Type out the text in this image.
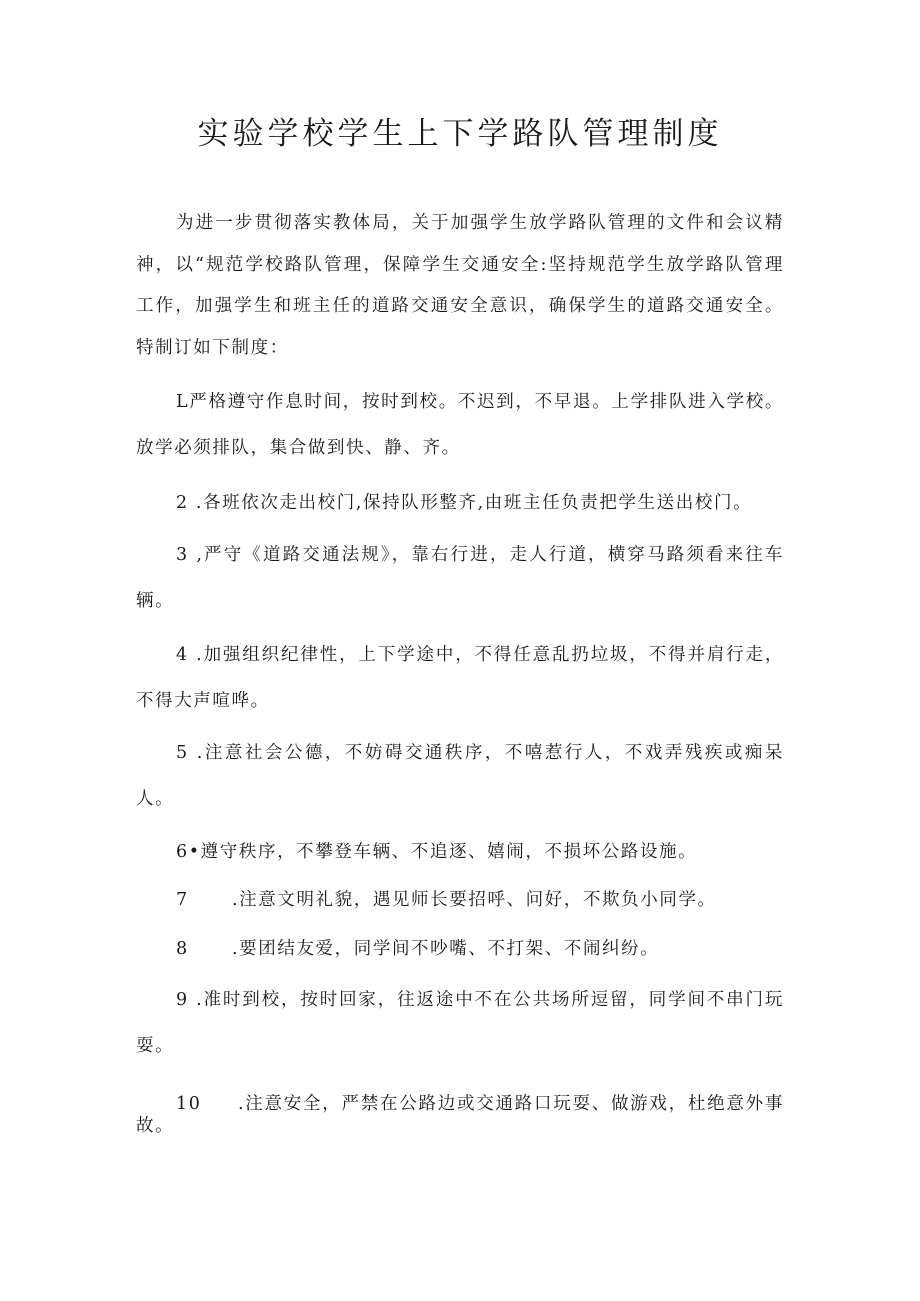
实验学校学生上下学路队管理制度

为进一步贯彻落实教体局，关于加强学生放学路队管理的文件和会议精神，以“规范学校路队管理，保障学生交通安全:坚持规范学生放学路队管理工作，加强学生和班主任的道路交通安全意识，确保学生的道路交通安全。特制订如下制度：

L严格遵守作息时间，按时到校。不迟到，不早退。上学排队进入学校。放学必须排队，集合做到快、静、齐。

2 .各班依次走出校门,保持队形整齐,由班主任负责把学生送出校门。

3 ,严守《道路交通法规》，靠右行进，走人行道，横穿马路须看来往车辆。

4 .加强组织纪律性，上下学途中，不得任意乱扔垃圾，不得并肩行走，不得大声喧哗。

5 .注意社会公德，不妨碍交通秩序，不嘻惹行人，不戏弄残疾或痴呆人。

6•遵守秩序，不攀登车辆、不追逐、嬉闹，不损坏公路设施。

7 .注意文明礼貌，遇见师长要招呼、问好，不欺负小同学。

8 .要团结友爱，同学间不吵嘴、不打架、不闹纠纷。

9 .准时到校，按时回家，往返途中不在公共场所逗留，同学间不串门玩耍。

10 .注意安全，严禁在公路边或交通路口玩耍、做游戏，杜绝意外事故。
